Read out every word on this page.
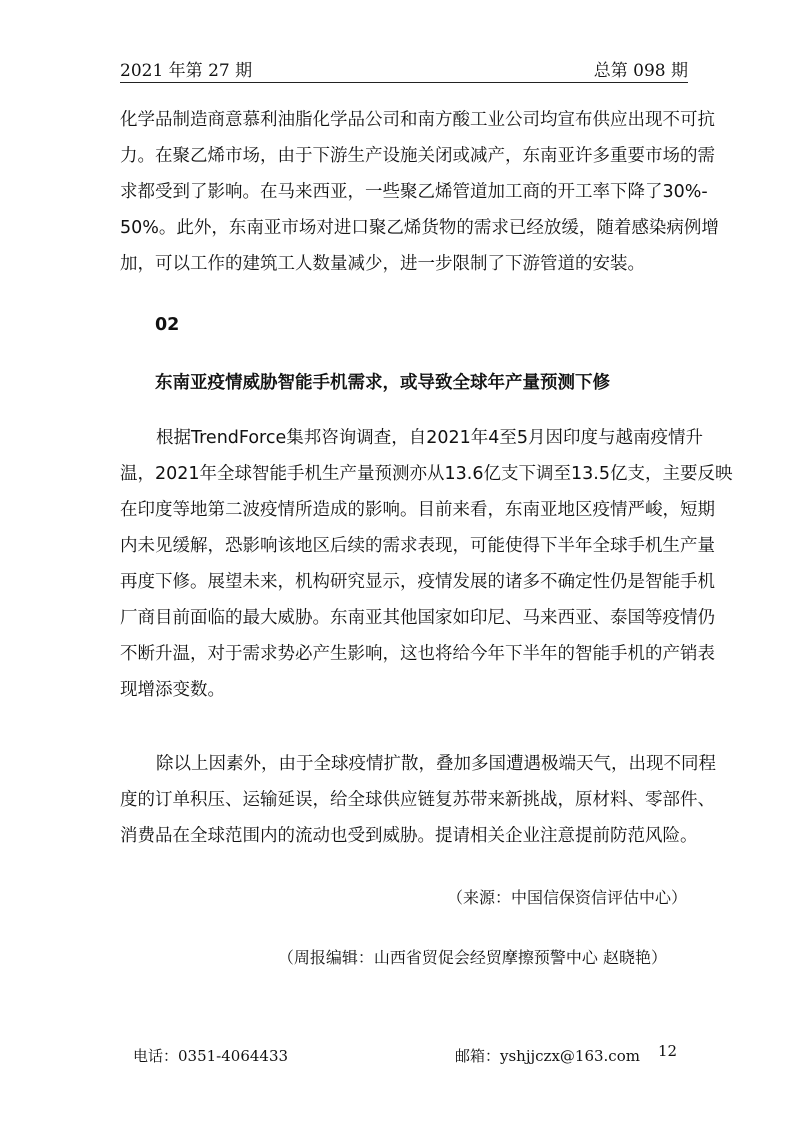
2021 年第 27 期	总第 098 期
化学品制造商意慕利油脂化学品公司和南方酸工业公司均宣布供应出现不可抗
力。在聚乙烯市场，由于下游生产设施关闭或减产，东南亚许多重要市场的需
求都受到了影响。在马来西亚，一些聚乙烯管道加工商的开工率下降了30%-
50%。此外，东南亚市场对进口聚乙烯货物的需求已经放缓，随着感染病例增
加，可以工作的建筑工人数量减少，进一步限制了下游管道的安装。
02
东南亚疫情威胁智能手机需求，或导致全球年产量预测下修
根据TrendForce集邦咨询调查，自2021年4至5月因印度与越南疫情升
温，2021年全球智能手机生产量预测亦从13.6亿支下调至13.5亿支，主要反映
在印度等地第二波疫情所造成的影响。目前来看，东南亚地区疫情严峻，短期
内未见缓解，恐影响该地区后续的需求表现，可能使得下半年全球手机生产量
再度下修。展望未来，机构研究显示，疫情发展的诸多不确定性仍是智能手机
厂商目前面临的最大威胁。东南亚其他国家如印尼、马来西亚、泰国等疫情仍
不断升温，对于需求势必产生影响，这也将给今年下半年的智能手机的产销表
现增添变数。
除以上因素外，由于全球疫情扩散，叠加多国遭遇极端天气，出现不同程
度的订单积压、运输延误，给全球供应链复苏带来新挑战，原材料、零部件、
消费品在全球范围内的流动也受到威胁。提请相关企业注意提前防范风险。
（来源：中国信保资信评估中心）
（周报编辑：山西省贸促会经贸摩擦预警中心 赵晓艳）
电话：0351-4064433	邮箱：yshjjczx@163.com 12
